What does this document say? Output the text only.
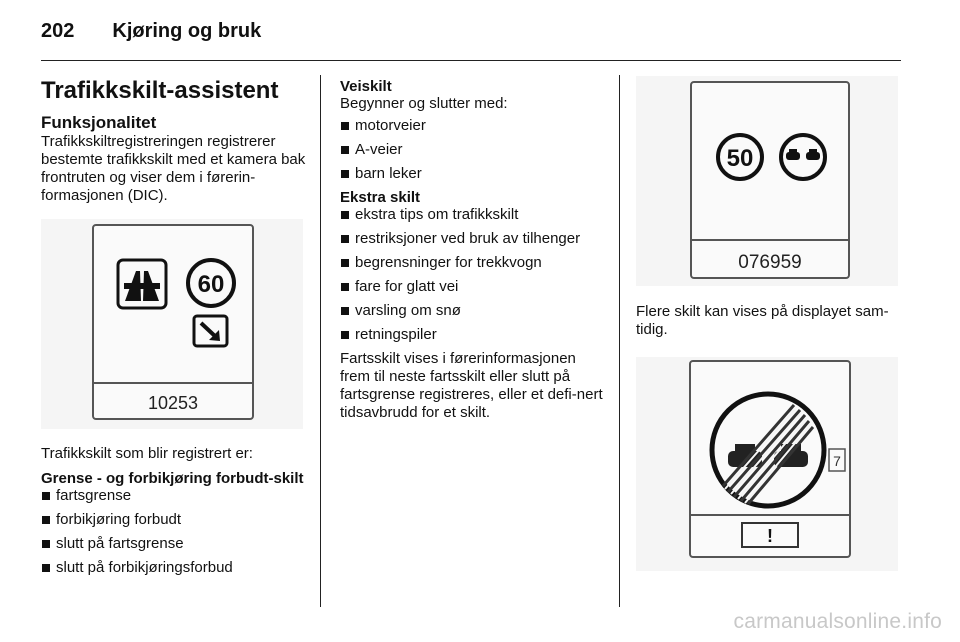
202 Kjøring og bruk
Trafikkskilt-assistent
Funksjonalitet

Trafikkskiltregistreringen registrerer bestemte trafikkskilt med et kamera bak frontruten og viser dem i førerin-formasjonen (DIC).

60
10253

Trafikkskilt som blir registrert er:

Grense - og forbikjøring forbudt-skilt
fartsgrense
forbikjøring forbudt
slutt på fartsgrense
slutt på forbikjøringsforbud
Veiskilt

Begynner og slutter med:

motorveier
A-veier
barn leker
Ekstra skilt
ekstra tips om trafikkskilt
restriksjoner ved bruk av tilhenger
begrensninger for trekkvogn
fare for glatt vei
varsling om snø
retningspiler

Fartsskilt vises i førerinformasjonen frem til neste fartsskilt eller slutt på fartsgrense registreres, eller et defi-nert tidsavbrudd for et skilt.

50
076959

Flere skilt kan vises på displayet sam-tidig.

7
!
carmanualsonline.info
